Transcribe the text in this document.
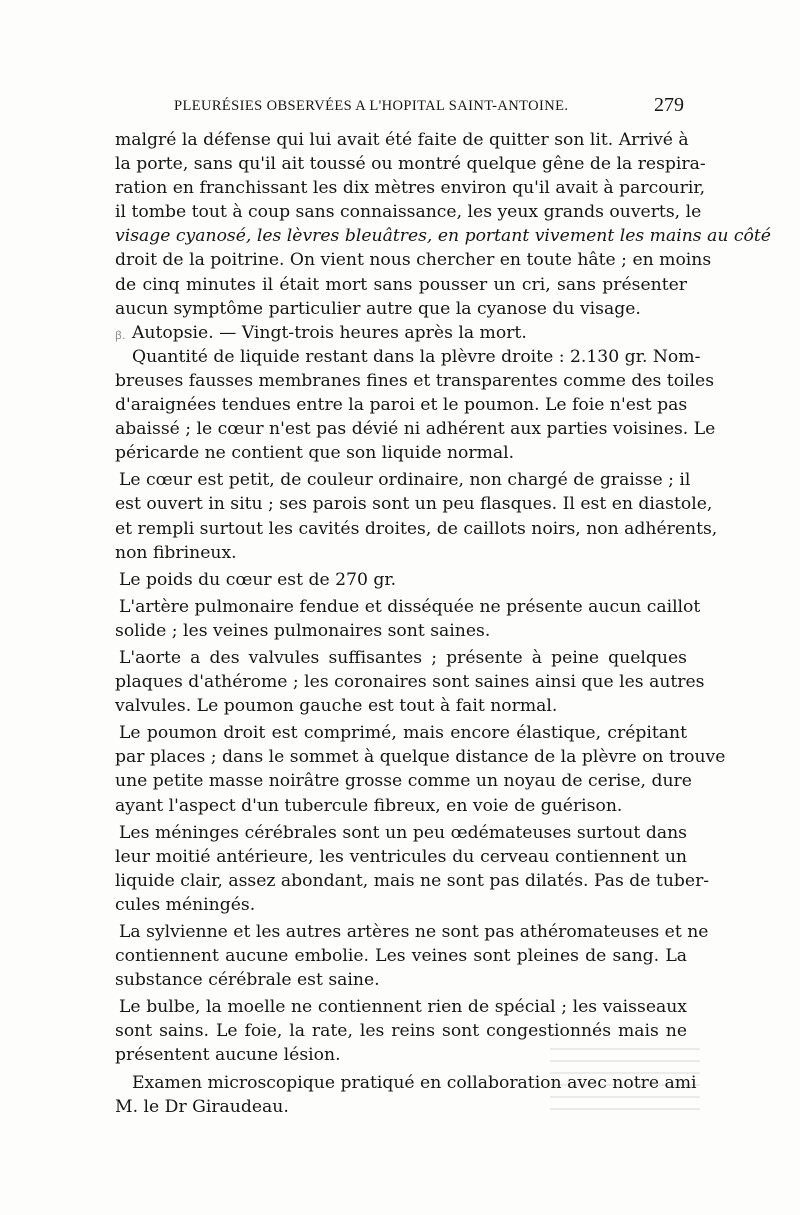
PLEURÉSIES OBSERVÉES A L'HOPITAL SAINT-ANTOINE.	279
ꞵ.
malgré la défense qui lui avait été faite de quitter son lit. Arrivé à
la porte, sans qu'il ait toussé ou montré quelque gêne de la respira-
ration en franchissant les dix mètres environ qu'il avait à parcourir,
il tombe tout à coup sans connaissance, les yeux grands ouverts, le
visage cyanosé, les lèvres bleuâtres, en portant vivement les mains au côté
droit de la poitrine. On vient nous chercher en toute hâte ; en moins
de cinq minutes il était mort sans pousser un cri, sans présenter
aucun symptôme particulier autre que la cyanose du visage.
Autopsie. — Vingt-trois heures après la mort.
Quantité de liquide restant dans la plèvre droite : 2.130 gr. Nom-
breuses fausses membranes fines et transparentes comme des toiles
d'araignées tendues entre la paroi et le poumon. Le foie n'est pas
abaissé ; le cœur n'est pas dévié ni adhérent aux parties voisines. Le
péricarde ne contient que son liquide normal.
Le cœur est petit, de couleur ordinaire, non chargé de graisse ; il
est ouvert in situ ; ses parois sont un peu flasques. Il est en diastole,
et rempli surtout les cavités droites, de caillots noirs, non adhérents,
non fibrineux.
Le poids du cœur est de 270 gr.
L'artère pulmonaire fendue et disséquée ne présente aucun caillot
solide ; les veines pulmonaires sont saines.
L'aorte a des valvules suffisantes ; présente à peine quelques
plaques d'athérome ; les coronaires sont saines ainsi que les autres
valvules. Le poumon gauche est tout à fait normal.
Le poumon droit est comprimé, mais encore élastique, crépitant
par places ; dans le sommet à quelque distance de la plèvre on trouve
une petite masse noirâtre grosse comme un noyau de cerise, dure
ayant l'aspect d'un tubercule fibreux, en voie de guérison.
Les méninges cérébrales sont un peu œdémateuses surtout dans
leur moitié antérieure, les ventricules du cerveau contiennent un
liquide clair, assez abondant, mais ne sont pas dilatés. Pas de tuber-
cules méningés.
La sylvienne et les autres artères ne sont pas athéromateuses et ne
contiennent aucune embolie. Les veines sont pleines de sang. La
substance cérébrale est saine.
Le bulbe, la moelle ne contiennent rien de spécial ; les vaisseaux
sont sains. Le foie, la rate, les reins sont congestionnés mais ne
présentent aucune lésion.
Examen microscopique pratiqué en collaboration avec notre ami
M. le Dr Giraudeau.
